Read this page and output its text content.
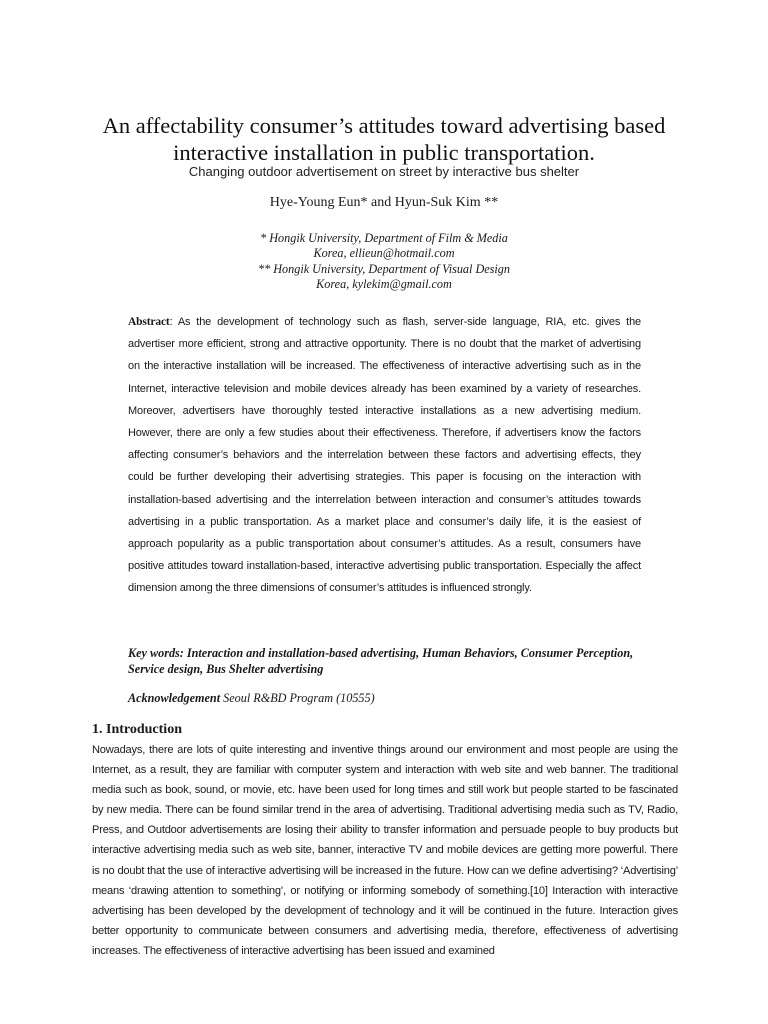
An affectability consumer’s attitudes toward advertising based
interactive installation in public transportation.
Changing outdoor advertisement on street by interactive bus shelter
Hye-Young Eun* and Hyun-Suk Kim **
* Hongik University, Department of Film & Media
Korea, ellieun@hotmail.com
** Hongik University, Department of Visual Design
Korea, kylekim@gmail.com
Abstract: As the development of technology such as flash, server-side language, RIA, etc. gives the advertiser more efficient, strong and attractive opportunity. There is no doubt that the market of advertising on the interactive installation will be increased. The effectiveness of interactive advertising such as in the Internet, interactive television and mobile devices already has been examined by a variety of researches. Moreover, advertisers have thoroughly tested interactive installations as a new advertising medium. However, there are only a few studies about their effectiveness. Therefore, if advertisers know the factors affecting consumer’s behaviors and the interrelation between these factors and advertising effects, they could be further developing their advertising strategies. This paper is focusing on the interaction with installation-based advertising and the interrelation between interaction and consumer’s attitudes towards advertising in a public transportation. As a market place and consumer’s daily life, it is the easiest of approach popularity as a public transportation about consumer’s attitudes. As a result, consumers have positive attitudes toward installation-based, interactive advertising public transportation. Especially the affect dimension among the three dimensions of consumer’s attitudes is influenced strongly.
Key words: Interaction and installation-based advertising, Human Behaviors, Consumer Perception, Service design, Bus Shelter advertising
Acknowledgement Seoul R&BD Program (10555)
1. Introduction
Nowadays, there are lots of quite interesting and inventive things around our environment and most people are using the Internet, as a result, they are familiar with computer system and interaction with web site and web banner. The traditional media such as book, sound, or movie, etc. have been used for long times and still work but people started to be fascinated by new media. There can be found similar trend in the area of advertising. Traditional advertising media such as TV, Radio, Press, and Outdoor advertisements are losing their ability to transfer information and persuade people to buy products but interactive advertising media such as web site, banner, interactive TV and mobile devices are getting more powerful. There is no doubt that the use of interactive advertising will be increased in the future. How can we define advertising? ‘Advertising’ means ‘drawing attention to something’, or notifying or informing somebody of something.[10] Interaction with interactive advertising has been developed by the development of technology and it will be continued in the future. Interaction gives better opportunity to communicate between consumers and advertising media, therefore, effectiveness of advertising increases. The effectiveness of interactive advertising has been issued and examined
